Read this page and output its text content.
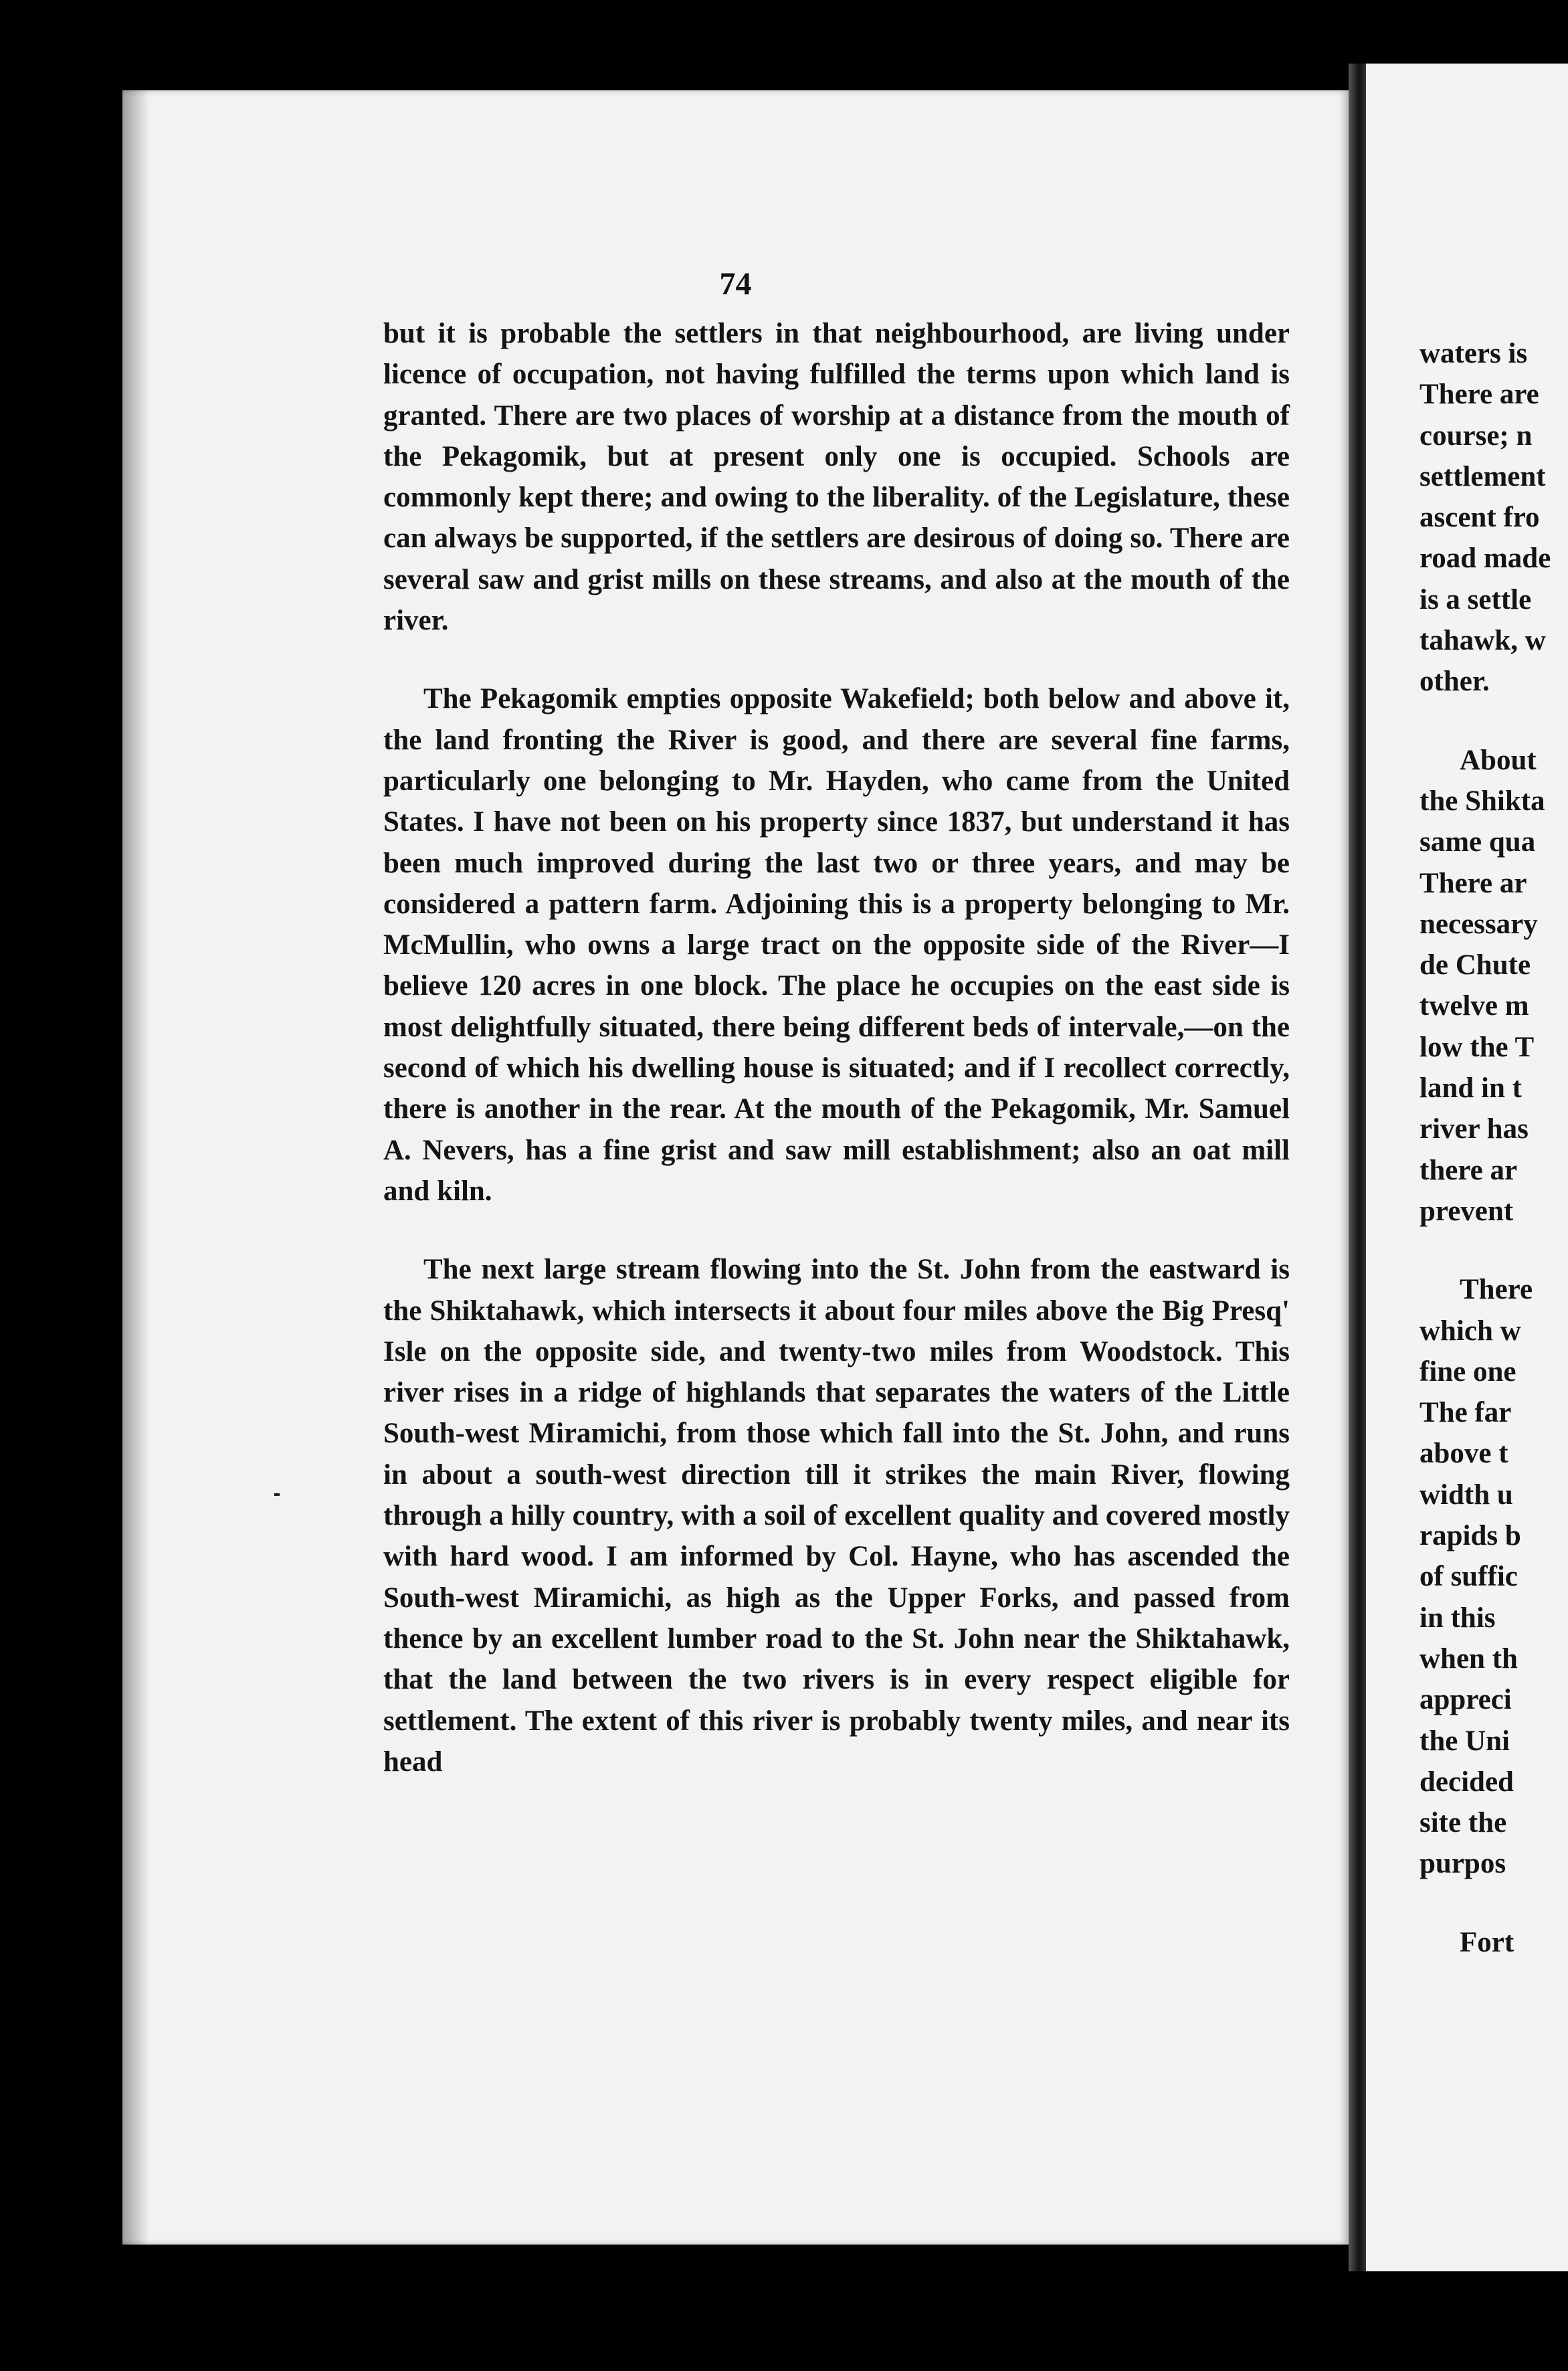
74

but it is probable the settlers in that neighbourhood, are living under licence of occupation, not having fulfilled the terms upon which land is granted. There are two places of worship at a distance from the mouth of the Pekagomik, but at present only one is occupied. Schools are commonly kept there; and owing to the liberality. of the Legislature, these can always be supported, if the settlers are desirous of doing so. There are several saw and grist mills on these streams, and also at the mouth of the river.

The Pekagomik empties opposite Wakefield; both below and above it, the land fronting the River is good, and there are several fine farms, particularly one belonging to Mr. Hayden, who came from the United States. I have not been on his property since 1837, but understand it has been much improved during the last two or three years, and may be considered a pattern farm. Adjoining this is a property belonging to Mr. McMullin, who owns a large tract on the opposite side of the River—I believe 120 acres in one block. The place he occupies on the east side is most delightfully situated, there being different beds of intervale,—on the second of which his dwelling house is situated; and if I recollect correctly, there is another in the rear. At the mouth of the Pekagomik, Mr. Samuel A. Nevers, has a fine grist and saw mill establishment; also an oat mill and kiln.

The next large stream flowing into the St. John from the eastward is the Shiktahawk, which intersects it about four miles above the Big Presq' Isle on the opposite side, and twenty-two miles from Woodstock. This river rises in a ridge of highlands that separates the waters of the Little South-west Miramichi, from those which fall into the St. John, and runs in about a south-west direction till it strikes the main River, flowing through a hilly country, with a soil of excellent quality and covered mostly with hard wood. I am informed by Col. Hayne, who has ascended the South-west Miramichi, as high as the Upper Forks, and passed from thence by an excellent lumber road to the St. John near the Shiktahawk, that the land between the two rivers is in every respect eligible for settlement. The extent of this river is probably twenty miles, and near its head

waters is
There are
course; n
settlement
ascent fro
road made
is a settle
tahawk, w
other.
About
the Shikta
same qua
There ar
necessary
de Chute
twelve m
low the T
land in t
river has
there ar
prevent
There
which w
fine one
The far
above t
width u
rapids b
of suffic
in this
when th
appreci
the Uni
decided
site the
purpos
Fort
